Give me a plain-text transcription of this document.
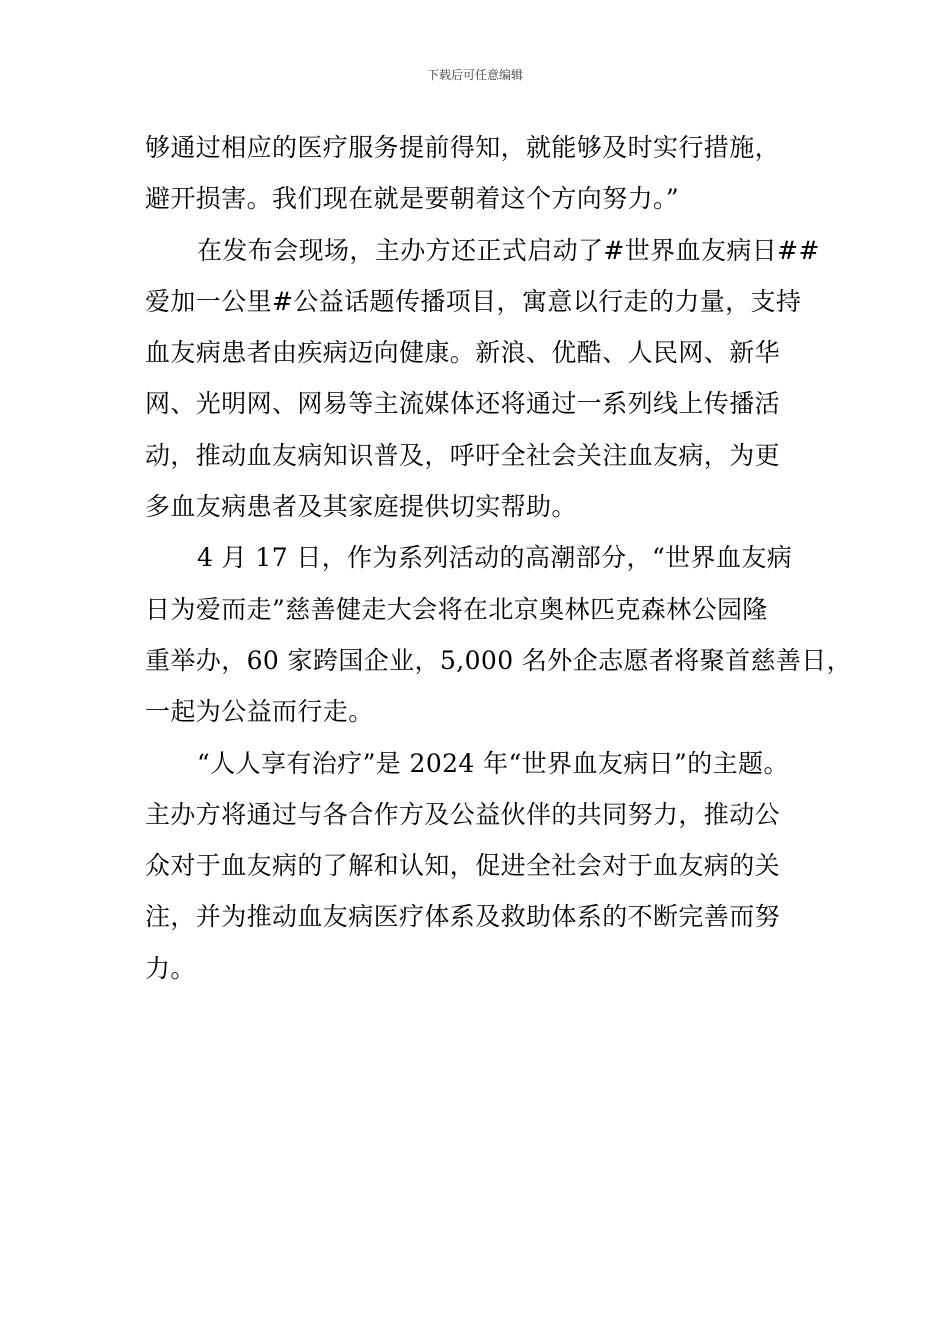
下载后可任意编辑
够通过相应的医疗服务提前得知，就能够及时实行措施，
避开损害。我们现在就是要朝着这个方向努力。”
在发布会现场，主办方还正式启动了#世界血友病日##
爱加一公里#公益话题传播项目，寓意以行走的力量，支持
血友病患者由疾病迈向健康。新浪、优酷、人民网、新华
网、光明网、网易等主流媒体还将通过一系列线上传播活
动，推动血友病知识普及，呼吁全社会关注血友病，为更
多血友病患者及其家庭提供切实帮助。
4 月 17 日，作为系列活动的高潮部分，“世界血友病
日为爱而走”慈善健走大会将在北京奥林匹克森林公园隆
重举办，60 家跨国企业，5,000 名外企志愿者将聚首慈善日，
一起为公益而行走。
“人人享有治疗”是 2024 年“世界血友病日”的主题。
主办方将通过与各合作方及公益伙伴的共同努力，推动公
众对于血友病的了解和认知，促进全社会对于血友病的关
注，并为推动血友病医疗体系及救助体系的不断完善而努
力。
